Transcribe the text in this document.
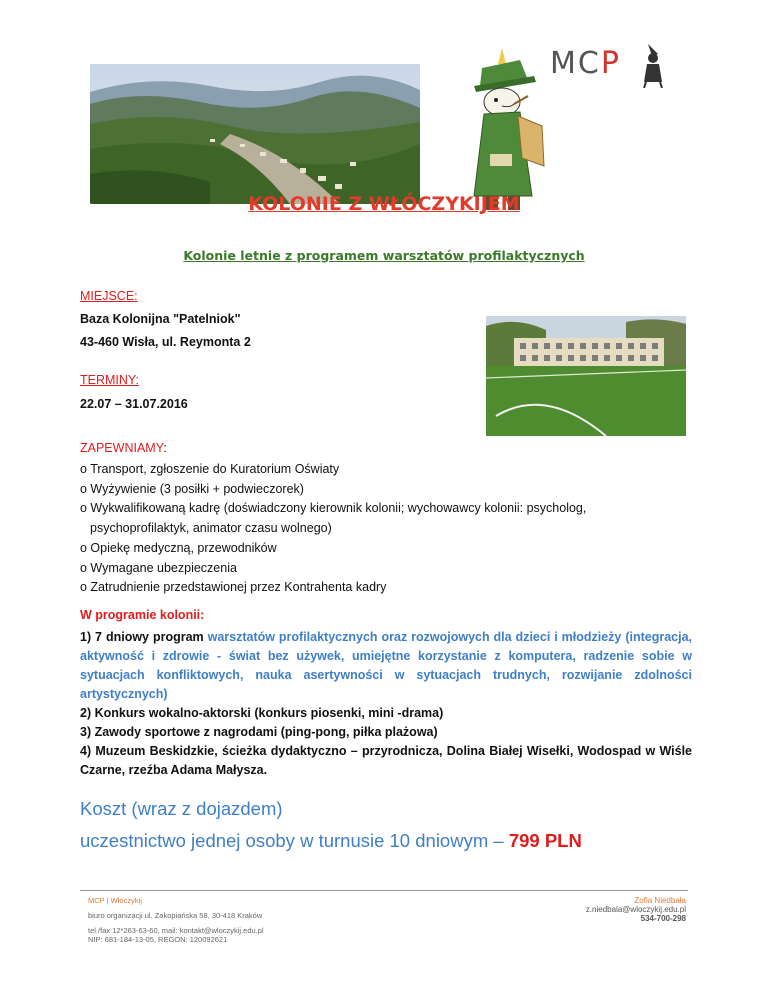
MCP
KOLONIE Z WŁÓCZYKIJEM
Kolonie letnie z programem warsztatów profilaktycznych
MIEJSCE:
Baza Kolonijna "Patelniok"
43-460 Wisła, ul. Reymonta 2
TERMINY:
22.07 – 31.07.2016
ZAPEWNIAMY:
o Transport, zgłoszenie do Kuratorium Oświaty
o Wyżywienie (3 posiłki + podwieczorek)
o Wykwalifikowaną kadrę (doświadczony kierownik kolonii; wychowawcy kolonii: psycholog,
psychoprofilaktyk, animator czasu wolnego)
o Opiekę medyczną, przewodników
o Wymagane ubezpieczenia
o Zatrudnienie przedstawionej przez Kontrahenta kadry
W programie kolonii:

1) 7 dniowy program warsztatów profilaktycznych oraz rozwojowych dla dzieci i młodzieży (integracja, aktywność i zdrowie - świat bez używek, umiejętne korzystanie z komputera, radzenie sobie w sytuacjach konfliktowych, nauka asertywności w sytuacjach trudnych, rozwijanie zdolności artystycznych)

2) Konkurs wokalno-aktorski (konkurs piosenki, mini -drama)

3) Zawody sportowe z nagrodami (ping-pong, piłka plażowa)

4) Muzeum Beskidzkie, ścieżka dydaktyczno – przyrodnicza, Dolina Białej Wisełki, Wodospad w Wiśle Czarne, rzeźba Adama Małysza.

Koszt (wraz z dojazdem)
uczestnictwo jednej osoby w turnusie 10 dniowym – 799 PLN
MCP | Włóczykij
biuro organizacji ul. Zakopiańska 58, 30-418 Kraków
tel./fax 12*263-63-60, mail: kontakt@wloczykij.edu.pl
NIP: 681-184-13-05, REGON: 120092621
Zofia Niedbała
z.niedbala@wloczykij.edu.pl
534-700-298
